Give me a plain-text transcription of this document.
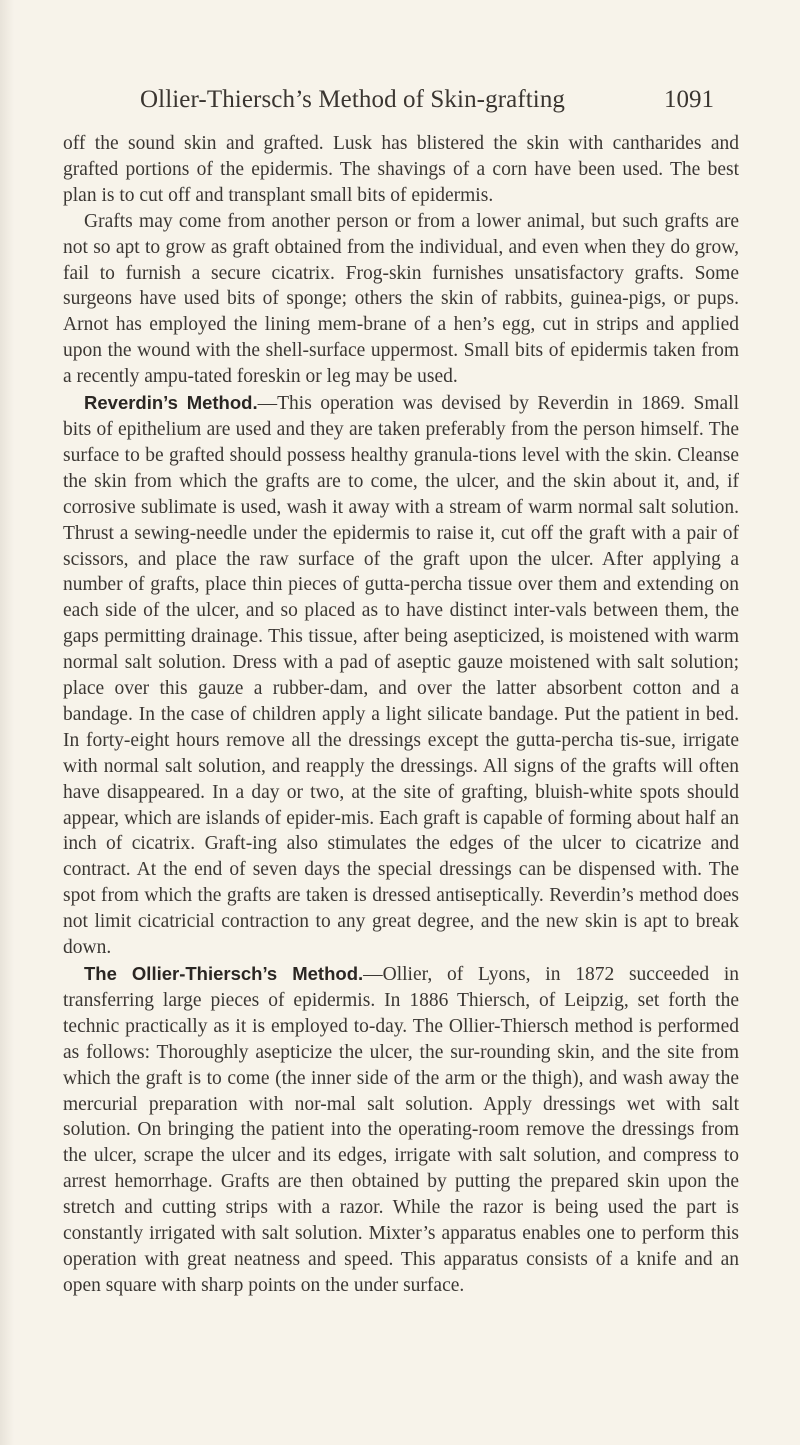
Ollier-Thiersch’s Method of Skin-grafting	1091

off the sound skin and grafted. Lusk has blistered the skin with cantharides and grafted portions of the epidermis. The shavings of a corn have been used. The best plan is to cut off and transplant small bits of epidermis.

Grafts may come from another person or from a lower animal, but such grafts are not so apt to grow as graft obtained from the individual, and even when they do grow, fail to furnish a secure cicatrix. Frog-skin furnishes unsatisfactory grafts. Some surgeons have used bits of sponge; others the skin of rabbits, guinea-pigs, or pups. Arnot has employed the lining mem-brane of a hen’s egg, cut in strips and applied upon the wound with the shell-surface uppermost. Small bits of epidermis taken from a recently ampu-tated foreskin or leg may be used.

Reverdin’s Method.—This operation was devised by Reverdin in 1869. Small bits of epithelium are used and they are taken preferably from the person himself. The surface to be grafted should possess healthy granula-tions level with the skin. Cleanse the skin from which the grafts are to come, the ulcer, and the skin about it, and, if corrosive sublimate is used, wash it away with a stream of warm normal salt solution. Thrust a sewing-needle under the epidermis to raise it, cut off the graft with a pair of scissors, and place the raw surface of the graft upon the ulcer. After applying a number of grafts, place thin pieces of gutta-percha tissue over them and extending on each side of the ulcer, and so placed as to have distinct inter-vals between them, the gaps permitting drainage. This tissue, after being asepticized, is moistened with warm normal salt solution. Dress with a pad of aseptic gauze moistened with salt solution; place over this gauze a rubber-dam, and over the latter absorbent cotton and a bandage. In the case of children apply a light silicate bandage. Put the patient in bed. In forty-eight hours remove all the dressings except the gutta-percha tis-sue, irrigate with normal salt solution, and reapply the dressings. All signs of the grafts will often have disappeared. In a day or two, at the site of grafting, bluish-white spots should appear, which are islands of epider-mis. Each graft is capable of forming about half an inch of cicatrix. Graft-ing also stimulates the edges of the ulcer to cicatrize and contract. At the end of seven days the special dressings can be dispensed with. The spot from which the grafts are taken is dressed antiseptically. Reverdin’s method does not limit cicatricial contraction to any great degree, and the new skin is apt to break down.

The Ollier-Thiersch’s Method.—Ollier, of Lyons, in 1872 succeeded in transferring large pieces of epidermis. In 1886 Thiersch, of Leipzig, set forth the technic practically as it is employed to-day. The Ollier-Thiersch method is performed as follows: Thoroughly asepticize the ulcer, the sur-rounding skin, and the site from which the graft is to come (the inner side of the arm or the thigh), and wash away the mercurial preparation with nor-mal salt solution. Apply dressings wet with salt solution. On bringing the patient into the operating-room remove the dressings from the ulcer, scrape the ulcer and its edges, irrigate with salt solution, and compress to arrest hemorrhage. Grafts are then obtained by putting the prepared skin upon the stretch and cutting strips with a razor. While the razor is being used the part is constantly irrigated with salt solution. Mixter’s apparatus enables one to perform this operation with great neatness and speed. This apparatus consists of a knife and an open square with sharp points on the under surface.
